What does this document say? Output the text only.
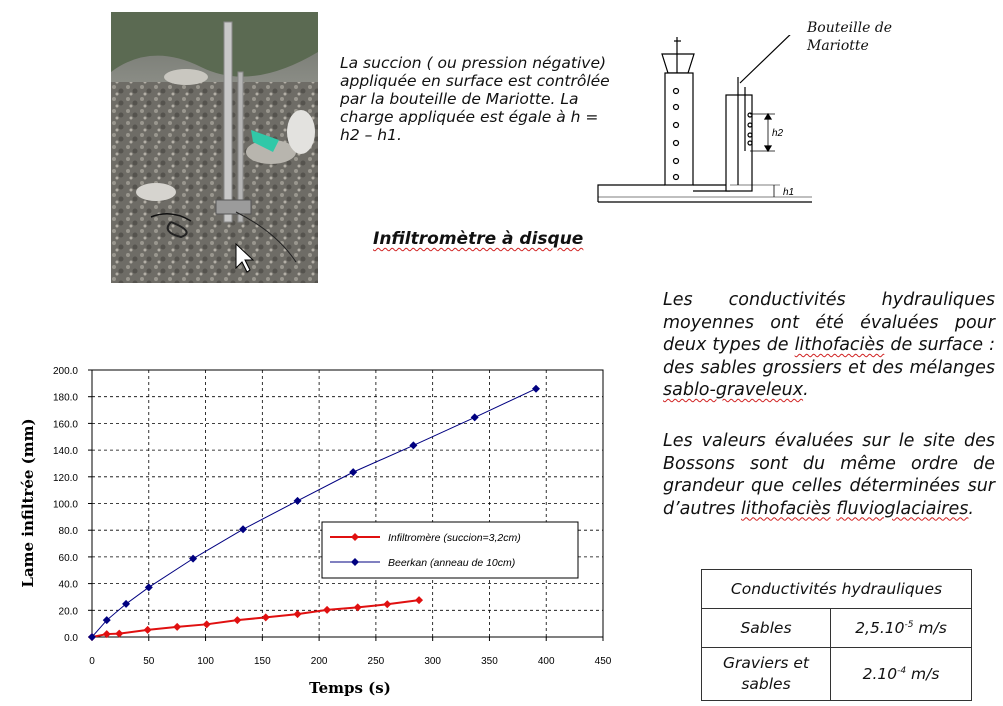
La succion ( ou pression négative) appliquée en surface est contrôlée par la bouteille de Mariotte. La charge appliquée est égale à h = h2 – h1.
Infiltromètre à disque
h2
h1
Bouteille de
Mariotte
Les conductivités hydrauliques moyennes ont été évaluées pour deux types de lithofaciès de surface : des sables grossiers et des mélanges sablo-graveleux.
Les valeurs évaluées sur le site des Bossons sont du même ordre de grandeur que celles déterminées sur d’autres lithofaciès fluvioglaciaires.
Conductivités hydrauliques	
Sables	$2,5.10^{-5}$ m/s
Graviers et sables	$2.10^{-4}$ m/s
0	50	100	150	200	250	300	350	400	450
0.0
20.0
40.0
60.0
80.0
100.0
120.0
140.0
160.0
180.0
200.0
Temps (s)
Lame infiltrée (mm)	Infiltromère (succion=3,2cm)
Beerkan (anneau de 10cm)
